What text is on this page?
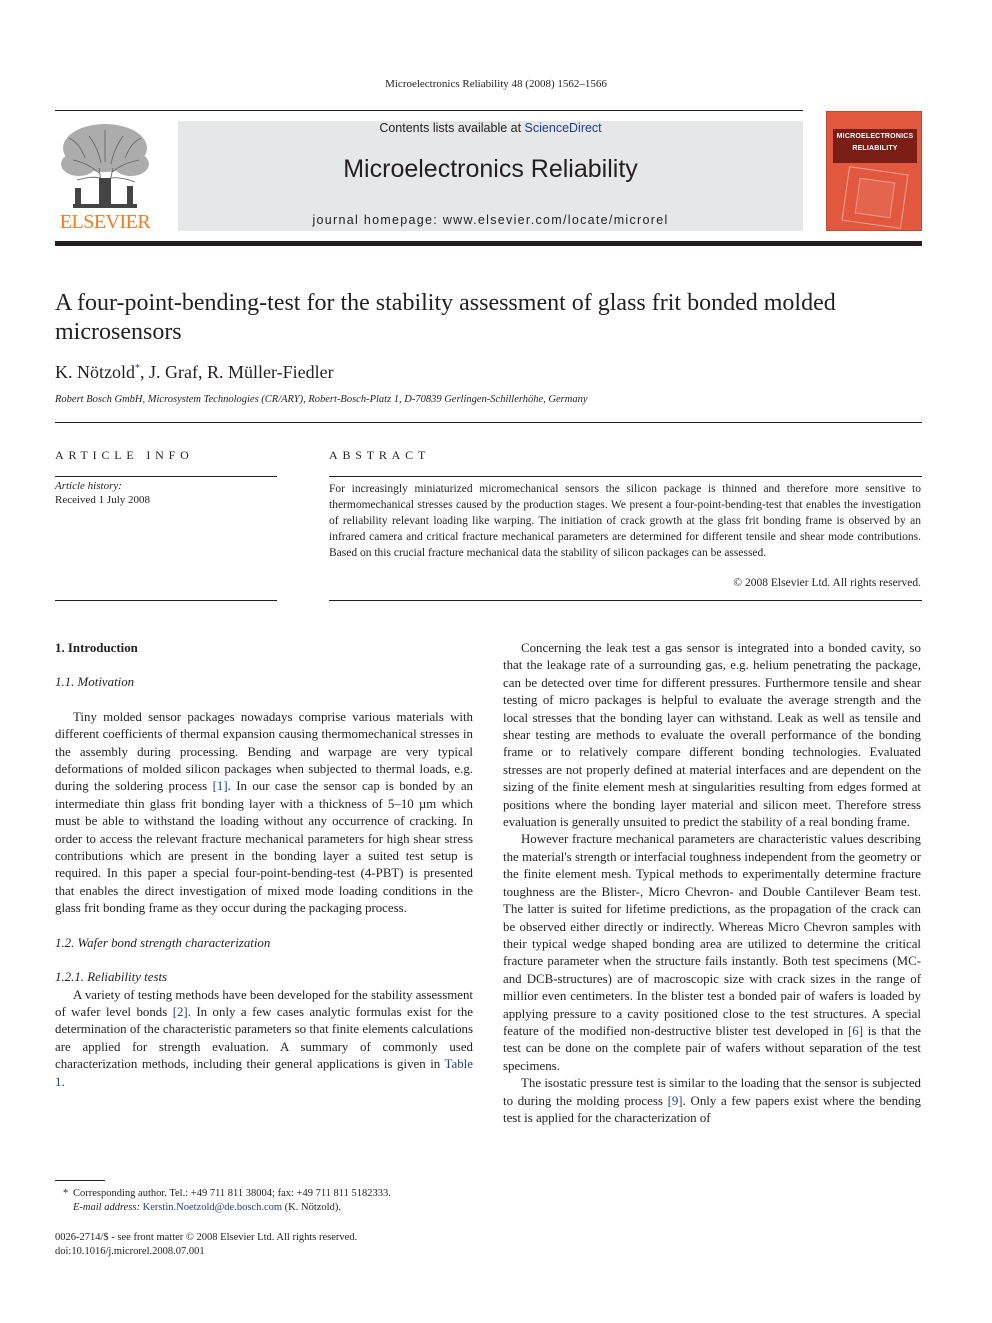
Microelectronics Reliability 48 (2008) 1562–1566
ELSEVIER
Contents lists available at ScienceDirect
Microelectronics Reliability
journal homepage: www.elsevier.com/locate/microrel
MICROELECTRONICS
RELIABILITY
A four-point-bending-test for the stability assessment of glass frit bonded molded microsensors
K. Nötzold*, J. Graf, R. Müller-Fiedler
Robert Bosch GmbH, Microsystem Technologies (CR/ARY), Robert-Bosch-Platz 1, D-70839 Gerlingen-Schillerhöhe, Germany
ARTICLE INFO
Article history:
Received 1 July 2008
ABSTRACT
For increasingly miniaturized micromechanical sensors the silicon package is thinned and therefore more sensitive to thermomechanical stresses caused by the production stages. We present a four-point-bending-test that enables the investigation of reliability relevant loading like warping. The initiation of crack growth at the glass frit bonding frame is observed by an infrared camera and critical fracture mechanical parameters are determined for different tensile and shear mode contributions. Based on this crucial fracture mechanical data the stability of silicon packages can be assessed.
© 2008 Elsevier Ltd. All rights reserved.
1. Introduction
1.1. Motivation

Tiny molded sensor packages nowadays comprise various materials with different coefficients of thermal expansion causing thermomechanical stresses in the assembly during processing. Bending and warpage are very typical deformations of molded silicon packages when subjected to thermal loads, e.g. during the soldering process [1]. In our case the sensor cap is bonded by an intermediate thin glass frit bonding layer with a thickness of 5–10 µm which must be able to withstand the loading without any occurrence of cracking. In order to access the relevant fracture mechanical parameters for high shear stress contributions which are present in the bonding layer a suited test setup is required. In this paper a special four-point-bending-test (4-PBT) is presented that enables the direct investigation of mixed mode loading conditions in the glass frit bonding frame as they occur during the packaging process.

1.2. Wafer bond strength characterization
1.2.1. Reliability tests

A variety of testing methods have been developed for the stability assessment of wafer level bonds [2]. In only a few cases analytic formulas exist for the determination of the characteristic parameters so that finite elements calculations are applied for strength evaluation. A summary of commonly used characterization methods, including their general applications is given in Table 1.

Concerning the leak test a gas sensor is integrated into a bonded cavity, so that the leakage rate of a surrounding gas, e.g. helium penetrating the package, can be detected over time for different pressures. Furthermore tensile and shear testing of micro packages is helpful to evaluate the average strength and the local stresses that the bonding layer can withstand. Leak as well as tensile and shear testing are methods to evaluate the overall performance of the bonding frame or to relatively compare different bonding technologies. Evaluated stresses are not properly defined at material interfaces and are dependent on the sizing of the finite element mesh at singularities resulting from edges formed at positions where the bonding layer material and silicon meet. Therefore stress evaluation is generally unsuited to predict the stability of a real bonding frame.

However fracture mechanical parameters are characteristic values describing the material's strength or interfacial toughness independent from the geometry or the finite element mesh. Typical methods to experimentally determine fracture toughness are the Blister-, Micro Chevron- and Double Cantilever Beam test. The latter is suited for lifetime predictions, as the propagation of the crack can be observed either directly or indirectly. Whereas Micro Chevron samples with their typical wedge shaped bonding area are utilized to determine the critical fracture parameter when the structure fails instantly. Both test specimens (MC- and DCB-structures) are of macroscopic size with crack sizes in the range of millior even centimeters. In the blister test a bonded pair of wafers is loaded by applying pressure to a cavity positioned close to the test structures. A special feature of the modified non-destructive blister test developed in [6] is that the test can be done on the complete pair of wafers without separation of the test specimens.

The isostatic pressure test is similar to the loading that the sensor is subjected to during the molding process [9]. Only a few papers exist where the bending test is applied for the characterization of

* Corresponding author. Tel.: +49 711 811 38004; fax: +49 711 811 5182333.
E-mail address: Kerstin.Noetzold@de.bosch.com (K. Nötzold).
0026-2714/$ - see front matter © 2008 Elsevier Ltd. All rights reserved.
doi:10.1016/j.microrel.2008.07.001
